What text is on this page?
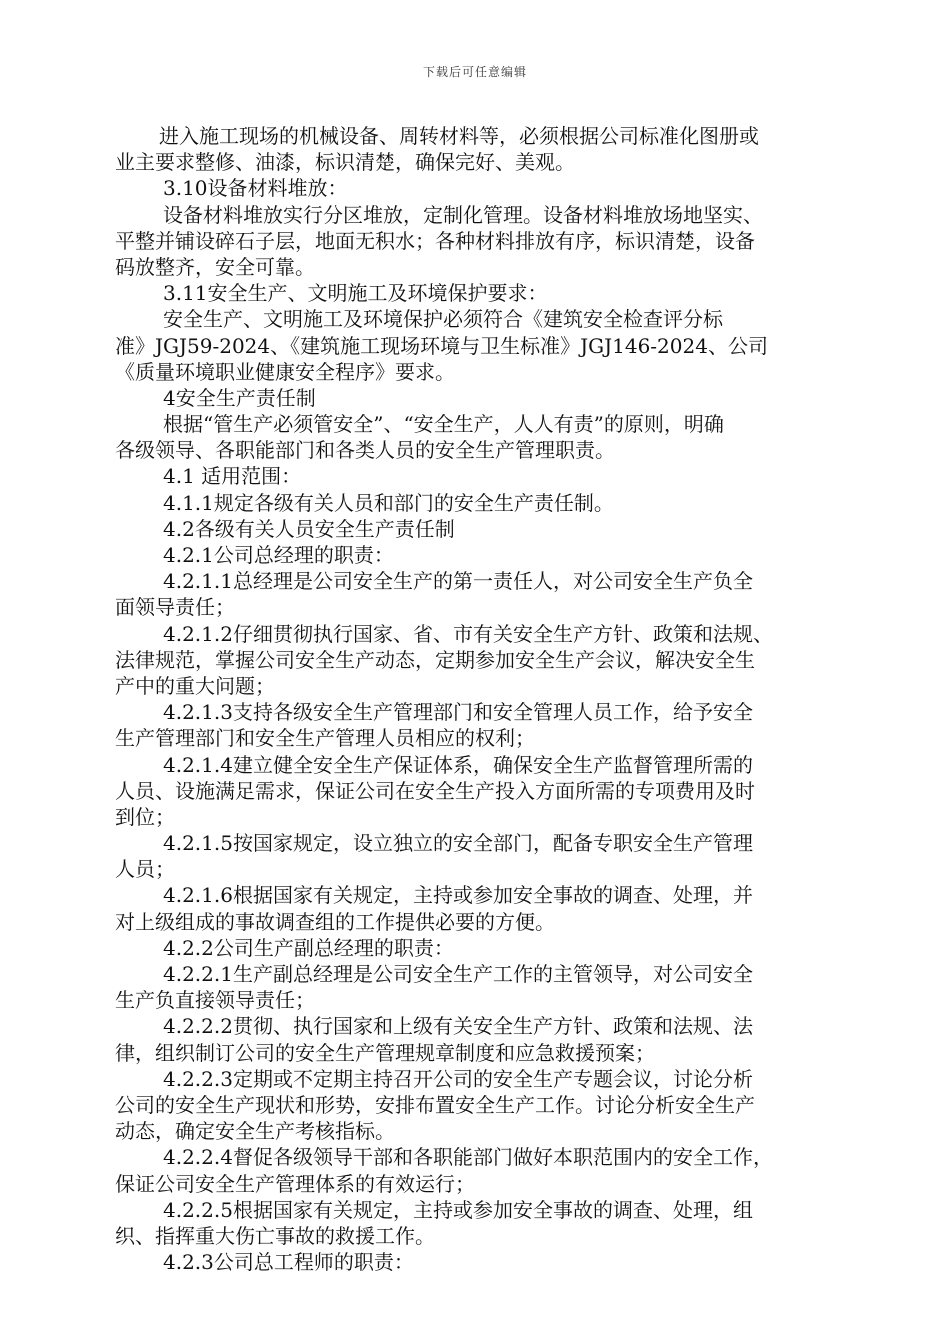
下载后可任意编辑
进入施工现场的机械设备、周转材料等，必须根据公司标准化图册或
业主要求整修、油漆，标识清楚，确保完好、美观。
3.10设备材料堆放：
设备材料堆放实行分区堆放，定制化管理。设备材料堆放场地坚实、
平整并铺设碎石子层，地面无积水；各种材料排放有序，标识清楚，设备
码放整齐，安全可靠。
3.11安全生产、文明施工及环境保护要求：
安全生产、文明施工及环境保护必须符合《建筑安全检查评分标
准》JGJ59-2024、《建筑施工现场环境与卫生标准》JGJ146-2024、公司
《质量环境职业健康安全程序》要求。
4安全生产责任制
根据“管生产必须管安全”、“安全生产，人人有责”的原则，明确
各级领导、各职能部门和各类人员的安全生产管理职责。
4.1 适用范围：
4.1.1规定各级有关人员和部门的安全生产责任制。
4.2各级有关人员安全生产责任制
4.2.1公司总经理的职责：
4.2.1.1总经理是公司安全生产的第一责任人，对公司安全生产负全
面领导责任；
4.2.1.2仔细贯彻执行国家、省、市有关安全生产方针、政策和法规、
法律规范，掌握公司安全生产动态，定期参加安全生产会议，解决安全生
产中的重大问题；
4.2.1.3支持各级安全生产管理部门和安全管理人员工作，给予安全
生产管理部门和安全生产管理人员相应的权利；
4.2.1.4建立健全安全生产保证体系，确保安全生产监督管理所需的
人员、设施满足需求，保证公司在安全生产投入方面所需的专项费用及时
到位；
4.2.1.5按国家规定，设立独立的安全部门，配备专职安全生产管理
人员；
4.2.1.6根据国家有关规定，主持或参加安全事故的调查、处理，并
对上级组成的事故调查组的工作提供必要的方便。
4.2.2公司生产副总经理的职责：
4.2.2.1生产副总经理是公司安全生产工作的主管领导，对公司安全
生产负直接领导责任；
4.2.2.2贯彻、执行国家和上级有关安全生产方针、政策和法规、法
律，组织制订公司的安全生产管理规章制度和应急救援预案；
4.2.2.3定期或不定期主持召开公司的安全生产专题会议，讨论分析
公司的安全生产现状和形势，安排布置安全生产工作。讨论分析安全生产
动态，确定安全生产考核指标。
4.2.2.4督促各级领导干部和各职能部门做好本职范围内的安全工作，
保证公司安全生产管理体系的有效运行；
4.2.2.5根据国家有关规定，主持或参加安全事故的调查、处理，组
织、指挥重大伤亡事故的救援工作。
4.2.3公司总工程师的职责：
